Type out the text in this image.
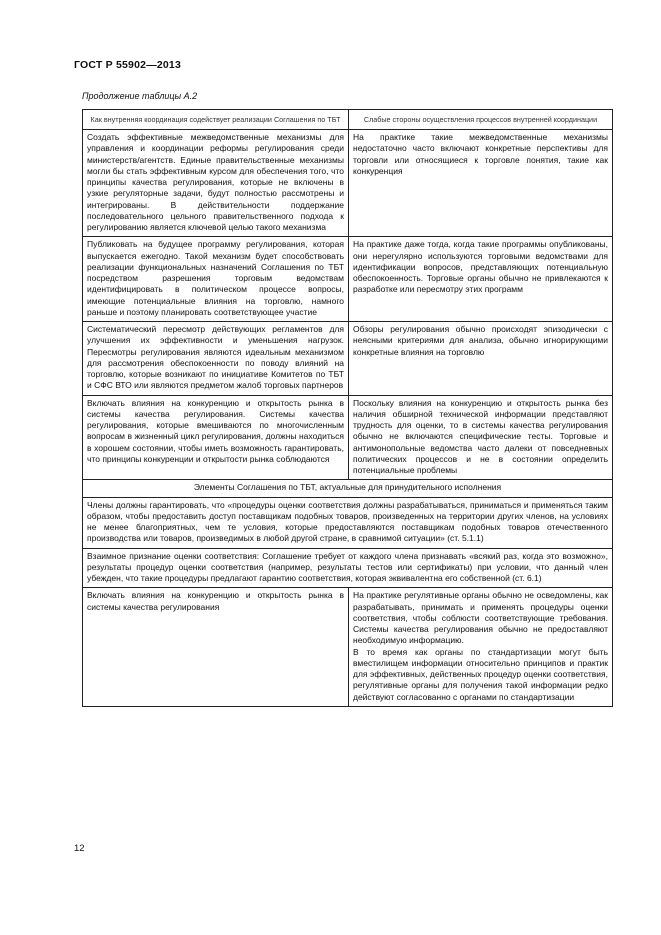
ГОСТ Р 55902—2013
Продолжение таблицы А.2
Как внутренняя координация содействует реализации Соглашения по ТБТ	Слабые стороны осуществления процессов внутренней координации
Создать эффективные межведомственные механизмы для управления и координации реформы регулирования среди министерств/агентств. Единые правительственные механизмы могли бы стать эффективным курсом для обеспечения того, что принципы качества регулирования, которые не включены в узкие регуляторные задачи, будут полностью рассмотрены и интегрированы. В действительности поддержание последовательного цельного правительственного подхода к регулированию является ключевой целью такого механизма
На практике такие межведомственные механизмы недостаточно часто включают конкретные перспективы для торговли или относящиеся к торговле понятия, такие как конкуренция
Публиковать на будущее программу регулирования, которая выпускается ежегодно. Такой механизм будет способствовать реализации функциональных назначений Соглашения по ТБТ посредством разрешения торговым ведомствам идентифицировать в политическом процессе вопросы, имеющие потенциальные влияния на торговлю, намного раньше и поэтому планировать соответствующее участие
На практике даже тогда, когда такие программы опубликованы, они нерегулярно используются торговыми ведомствами для идентификации вопросов, представляющих потенциальную обеспокоенность. Торговые органы обычно не привлекаются к разработке или пересмотру этих программ
Систематический пересмотр действующих регламентов для улучшения их эффективности и уменьшения нагрузок. Пересмотры регулирования являются идеальным механизмом для рассмотрения обеспокоенности по поводу влияний на торговлю, которые возникают по инициативе Комитетов по ТБТ и СФС ВТО или являются предметом жалоб торговых партнеров
Обзоры регулирования обычно происходят эпизодически с неясными критериями для анализа, обычно игнорирующими конкретные влияния на торговлю
Включать влияния на конкуренцию и открытость рынка в системы качества регулирования. Системы качества регулирования, которые вмешиваются по многочисленным вопросам в жизненный цикл регулирования, должны находиться в хорошем состоянии, чтобы иметь возможность гарантировать, что принципы конкуренции и открытости рынка соблюдаются
Поскольку влияния на конкуренцию и открытость рынка без наличия обширной технической информации представляют трудность для оценки, то в системы качества регулирования обычно не включаются специфические тесты. Торговые и антимонопольные ведомства часто далеки от повседневных политических процессов и не в состоянии определить потенциальные проблемы
Элементы Соглашения по ТБТ, актуальные для принудительного исполнения
Члены должны гарантировать, что «процедуры оценки соответствия должны разрабатываться, приниматься и применяться таким образом, чтобы предоставить доступ поставщикам подобных товаров, произведенных на территории других членов, на условиях не менее благоприятных, чем те условия, которые предоставляются поставщикам подобных товаров отечественного производства или товаров, произведимых в любой другой стране, в сравнимой ситуации» (ст. 5.1.1)
Взаимное признание оценки соответствия: Соглашение требует от каждого члена признавать «всякий раз, когда это возможно», результаты процедур оценки соответствия (например, результаты тестов или сертификаты) при условии, что данный член убежден, что такие процедуры предлагают гарантию соответствия, которая эквивалентна его собственной (ст. 6.1)
Включать влияния на конкуренцию и открытость рынка в системы качества регулирования

На практике регулятивные органы обычно не осведомлены, как разрабатывать, принимать и применять процедуры оценки соответствия, чтобы соблюсти соответствующие требования. Системы качества регулирования обычно не предоставляют необходимую информацию.

В то время как органы по стандартизации могут быть вместилищем информации относительно принципов и практик для эффективных, действенных процедур оценки соответствия, регулятивные органы для получения такой информации редко действуют согласованно с органами по стандартизации

12
